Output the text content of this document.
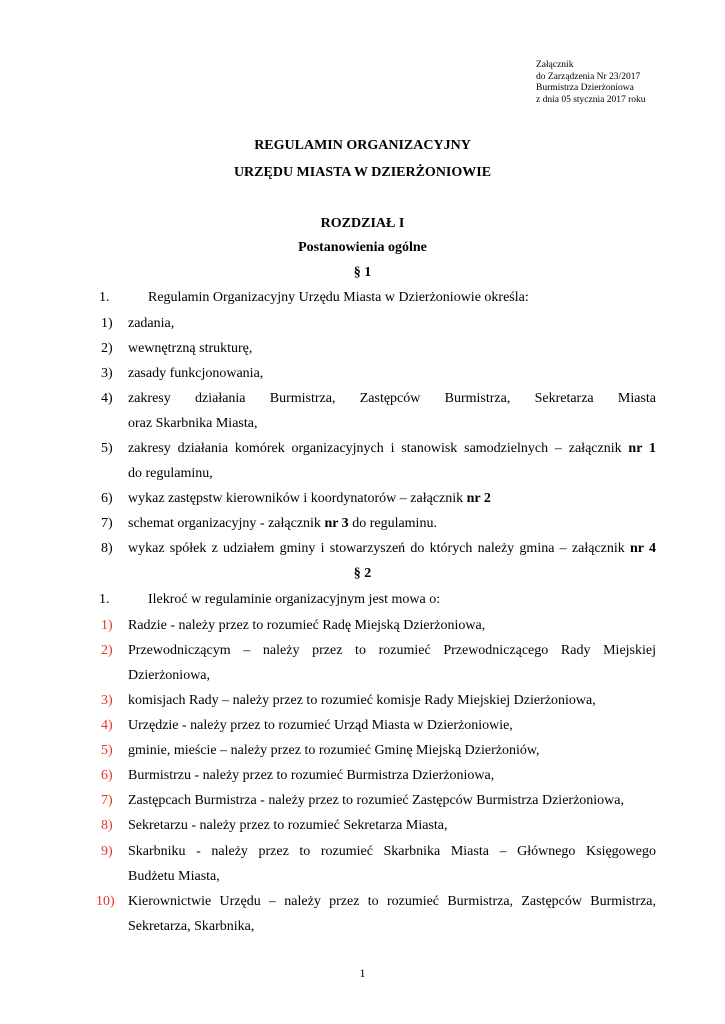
Załącznik
do Zarządzenia Nr 23/2017
Burmistrza Dzierżoniowa
z dnia 05 stycznia 2017 roku
REGULAMIN ORGANIZACYJNY
URZĘDU MIASTA W DZIERŻONIOWIE
ROZDZIAŁ I
Postanowienia ogólne
§ 1
1.	Regulamin Organizacyjny Urzędu Miasta w Dzierżoniowie określa:
1) zadania,
2) wewnętrzną strukturę,
3) zasady funkcjonowania,
4) zakresy działania Burmistrza, Zastępców Burmistrza, Sekretarza Miasta
oraz Skarbnika Miasta,
5) zakresy działania komórek organizacyjnych i stanowisk samodzielnych – załącznik nr 1
do regulaminu,
6) wykaz zastępstw kierowników i koordynatorów – załącznik nr 2
7) schemat organizacyjny - załącznik nr 3 do regulaminu.
8) wykaz spółek z udziałem gminy i stowarzyszeń do których należy gmina – załącznik nr 4
§ 2
1.	Ilekroć w regulaminie organizacyjnym jest mowa o:
1) Radzie - należy przez to rozumieć Radę Miejską Dzierżoniowa,
2) Przewodniczącym – należy przez to rozumieć Przewodniczącego Rady Miejskiej
Dzierżoniowa,
3) komisjach Rady – należy przez to rozumieć komisje Rady Miejskiej Dzierżoniowa,
4) Urzędzie - należy przez to rozumieć Urząd Miasta w Dzierżoniowie,
5) gminie, mieście – należy przez to rozumieć Gminę Miejską Dzierżoniów,
6) Burmistrzu - należy przez to rozumieć Burmistrza Dzierżoniowa,
7) Zastępcach Burmistrza - należy przez to rozumieć Zastępców Burmistrza Dzierżoniowa,
8) Sekretarzu - należy przez to rozumieć Sekretarza Miasta,
9) Skarbniku - należy przez to rozumieć Skarbnika Miasta – Głównego Księgowego
Budżetu Miasta,
10) Kierownictwie Urzędu – należy przez to rozumieć Burmistrza, Zastępców Burmistrza,
Sekretarza, Skarbnika,
1
